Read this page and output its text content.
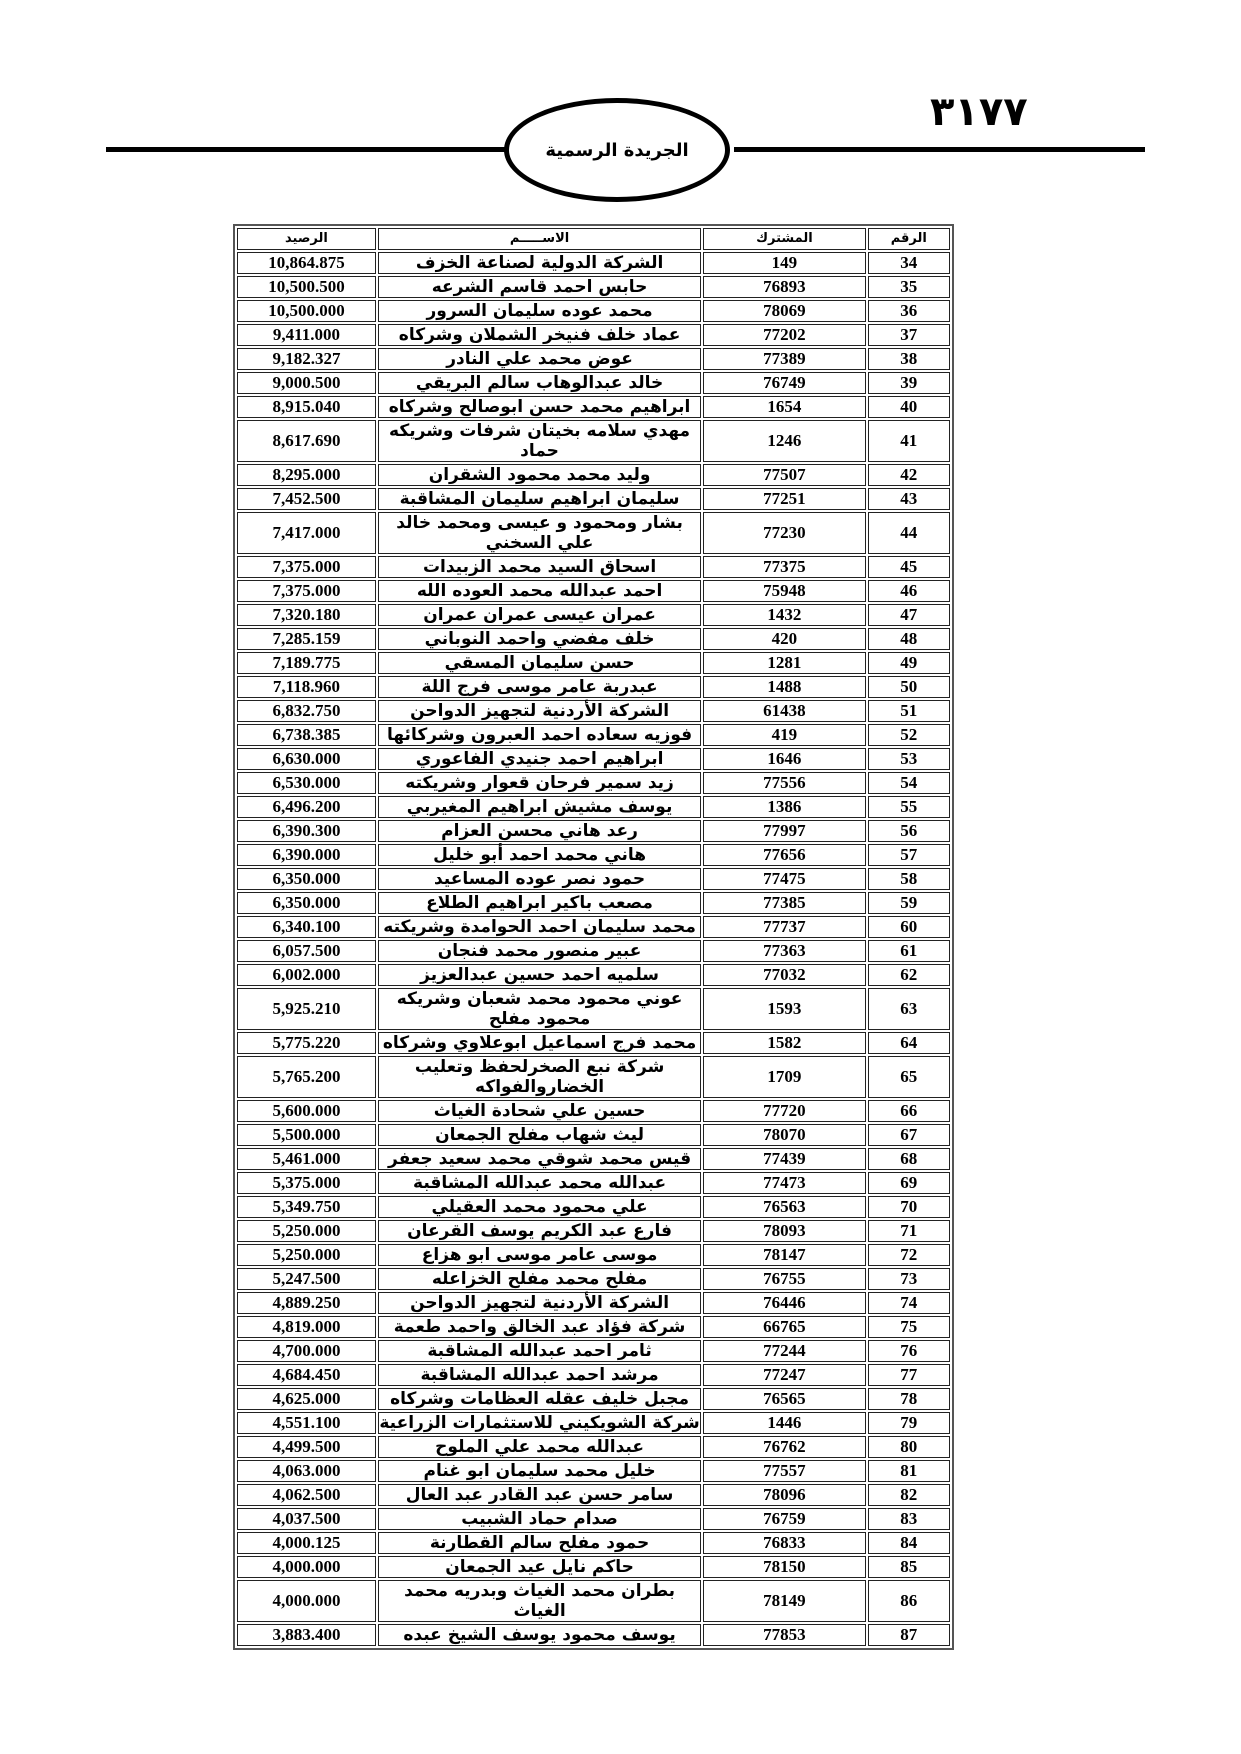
٣١٧٧
الجريدة الرسمية
الرقم	المشترك	الاســـــم	الرصيد
34	149	الشركة الدولية لصناعة الخزف	10,864.875
35	76893	حابس احمد قاسم الشرعه	10,500.500
36	78069	محمد عوده سليمان السرور	10,500.000
37	77202	عماد خلف فنيخر الشملان وشركاه	9,411.000
38	77389	عوض محمد علي النادر	9,182.327
39	76749	خالد عبدالوهاب سالم البريقي	9,000.500
40	1654	ابراهيم محمد حسن ابوصالح وشركاه	8,915.040
41	1246	مهدي سلامه بخيتان شرفات وشريكه حماد	8,617.690
42	77507	وليد محمد محمود الشقران	8,295.000
43	77251	سليمان ابراهيم سليمان المشاقبة	7,452.500
44	77230	بشار ومحمود و عيسى ومحمد خالد علي السخني	7,417.000
45	77375	اسحاق السيد محمد الزبيدات	7,375.000
46	75948	احمد عبدالله محمد العوده الله	7,375.000
47	1432	عمران عيسى عمران عمران	7,320.180
48	420	خلف مفضي واحمد النوباني	7,285.159
49	1281	حسن سليمان المسقي	7,189.775
50	1488	عبدربة عامر موسى فرج اللة	7,118.960
51	61438	الشركة الأردنية لتجهيز الدواحن	6,832.750
52	419	فوزيه سعاده احمد العبرون وشركائها	6,738.385
53	1646	ابراهيم احمد جنيدي الفاعوري	6,630.000
54	77556	زيد سمير فرحان قعوار وشريكته	6,530.000
55	1386	يوسف مشيش ابراهيم المغيربي	6,496.200
56	77997	رعد هاني محسن العزام	6,390.300
57	77656	هاني محمد احمد أبو خليل	6,390.000
58	77475	حمود نصر عوده المساعيد	6,350.000
59	77385	مصعب باكير ابراهيم الطلاع	6,350.000
60	77737	محمد سليمان احمد الحوامدة وشريكته	6,340.100
61	77363	عبير منصور محمد فنجان	6,057.500
62	77032	سلميه احمد حسين عبدالعزيز	6,002.000
63	1593	عوني محمود محمد شعبان وشريكه محمود مفلح	5,925.210
64	1582	محمد فرج اسماعيل ابوعلاوي وشركاه	5,775.220
65	1709	شركة نبع الصخرلحفظ وتعليب الخضاروالفواكه	5,765.200
66	77720	حسين علي شحادة الغياث	5,600.000
67	78070	ليث شهاب مفلح الجمعان	5,500.000
68	77439	قيس محمد شوقي محمد سعيد جعفر	5,461.000
69	77473	عبدالله محمد عبدالله المشاقبة	5,375.000
70	76563	علي محمود محمد العقيلي	5,349.750
71	78093	فارع عبد الكريم يوسف القرعان	5,250.000
72	78147	موسى عامر موسى ابو هزاع	5,250.000
73	76755	مفلح محمد مفلح الخزاعله	5,247.500
74	76446	الشركة الأردنية لتجهيز الدواحن	4,889.250
75	66765	شركة فؤاد عبد الخالق واحمد طعمة	4,819.000
76	77244	ثامر احمد عبدالله المشاقبة	4,700.000
77	77247	مرشد احمد عبدالله المشاقبة	4,684.450
78	76565	مجبل خليف عقله العظامات وشركاه	4,625.000
79	1446	شركة الشويكيني للاستثمارات الزراعية	4,551.100
80	76762	عبدالله محمد علي الملوح	4,499.500
81	77557	خليل محمد سليمان ابو غنام	4,063.000
82	78096	سامر حسن عبد القادر عبد العال	4,062.500
83	76759	صدام حماد الشبيب	4,037.500
84	76833	حمود مفلح سالم القطارنة	4,000.125
85	78150	حاكم نايل عيد الجمعان	4,000.000
86	78149	بطران محمد الغياث وبدريه محمد الغياث	4,000.000
87	77853	يوسف محمود يوسف الشيخ عبده	3,883.400
